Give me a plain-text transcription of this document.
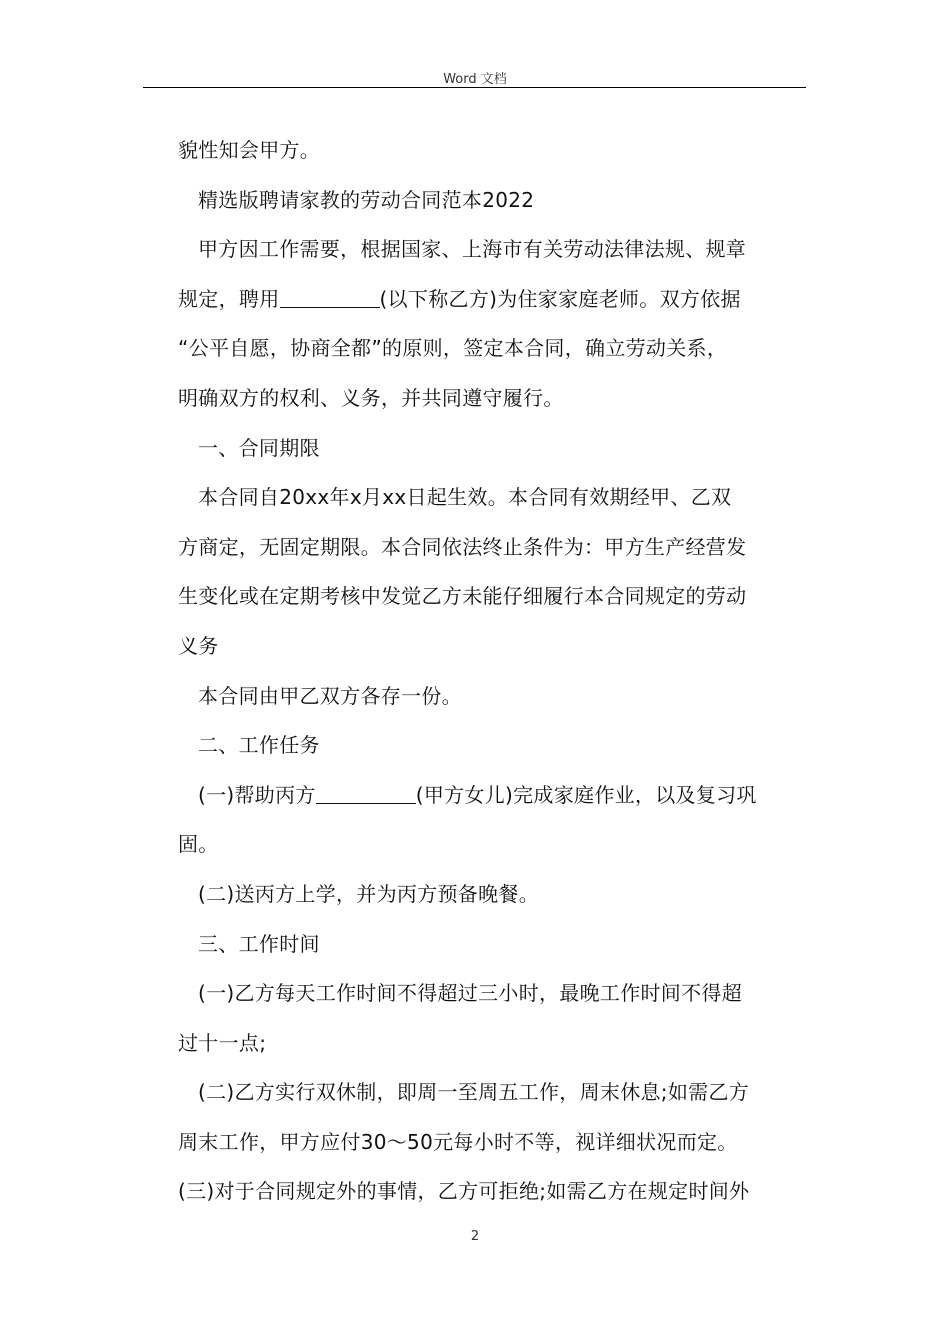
Word 文档

貌性知会甲方。

精选版聘请家教的劳动合同范本2022

甲方因工作需要，根据国家、上海市有关劳动法律法规、规章

规定，聘用	(以下称乙方)为住家家庭老师。双方依据

“公平自愿，协商全都”的原则，签定本合同，确立劳动关系，

明确双方的权利、义务，并共同遵守履行。

一、合同期限

本合同自20xx年x月xx日起生效。本合同有效期经甲、乙双

方商定，无固定期限。本合同依法终止条件为：甲方生产经营发

生变化或在定期考核中发觉乙方未能仔细履行本合同规定的劳动

义务

本合同由甲乙双方各存一份。

二、工作任务

(一)帮助丙方	(甲方女儿)完成家庭作业，以及复习巩

固。

(二)送丙方上学，并为丙方预备晚餐。

三、工作时间

(一)乙方每天工作时间不得超过三小时，最晚工作时间不得超

过十一点;

(二)乙方实行双休制，即周一至周五工作，周末休息;如需乙方

周末工作，甲方应付30～50元每小时不等，视详细状况而定。

(三)对于合同规定外的事情，乙方可拒绝;如需乙方在规定时间外

2
